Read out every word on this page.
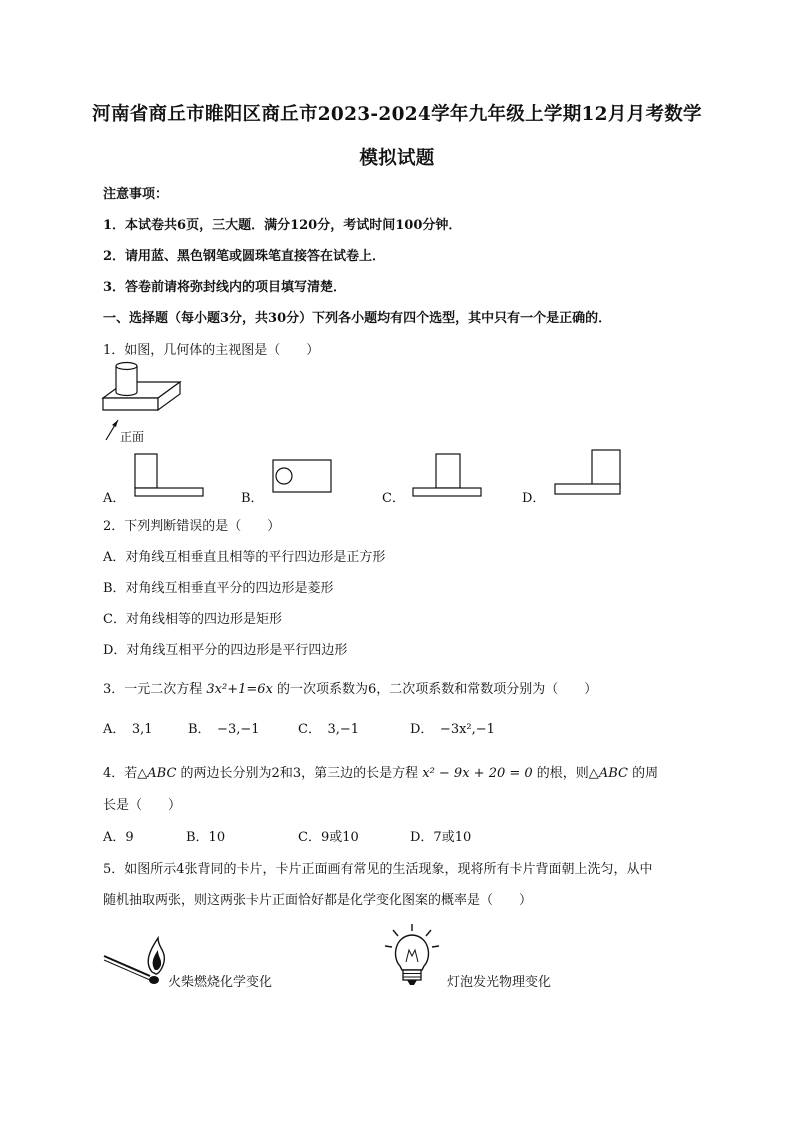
河南省商丘市睢阳区商丘市2023-2024学年九年级上学期12月月考数学
模拟试题
注意事项：
1．本试卷共6页，三大题．满分120分，考试时间100分钟．
2．请用蓝、黑色钢笔或圆珠笔直接答在试卷上．
3．答卷前请将弥封线内的项目填写清楚．
一、选择题（每小题3分，共30分）下列各小题均有四个选型，其中只有一个是正确的．
1．如图，几何体的主视图是（　　）
正面
A．	B．	C．	D．
2．下列判断错误的是（　　）
A．对角线互相垂直且相等的平行四边形是正方形
B．对角线互相垂直平分的四边形是菱形
C．对角线相等的四边形是矩形
D．对角线互相平分的四边形是平行四边形
3．一元二次方程 3x²+1=6x 的一次项系数为6，二次项系数和常数项分别为（　　）
A．　3,1	B．　−3,−1	C．　3,−1	D．　−3x²,−1
4．若△ABC 的两边长分别为2和3，第三边的长是方程 x² − 9x + 20 = 0 的根，则△ABC 的周
长是（　　）
A．9	B．10	C．9或10	D．7或10
5．如图所示4张背同的卡片，卡片正面画有常见的生活现象，现将所有卡片背面朝上洗匀，从中
随机抽取两张，则这两张卡片正面恰好都是化学变化图案的概率是（　　）
火柴燃烧化学变化	灯泡发光物理变化
